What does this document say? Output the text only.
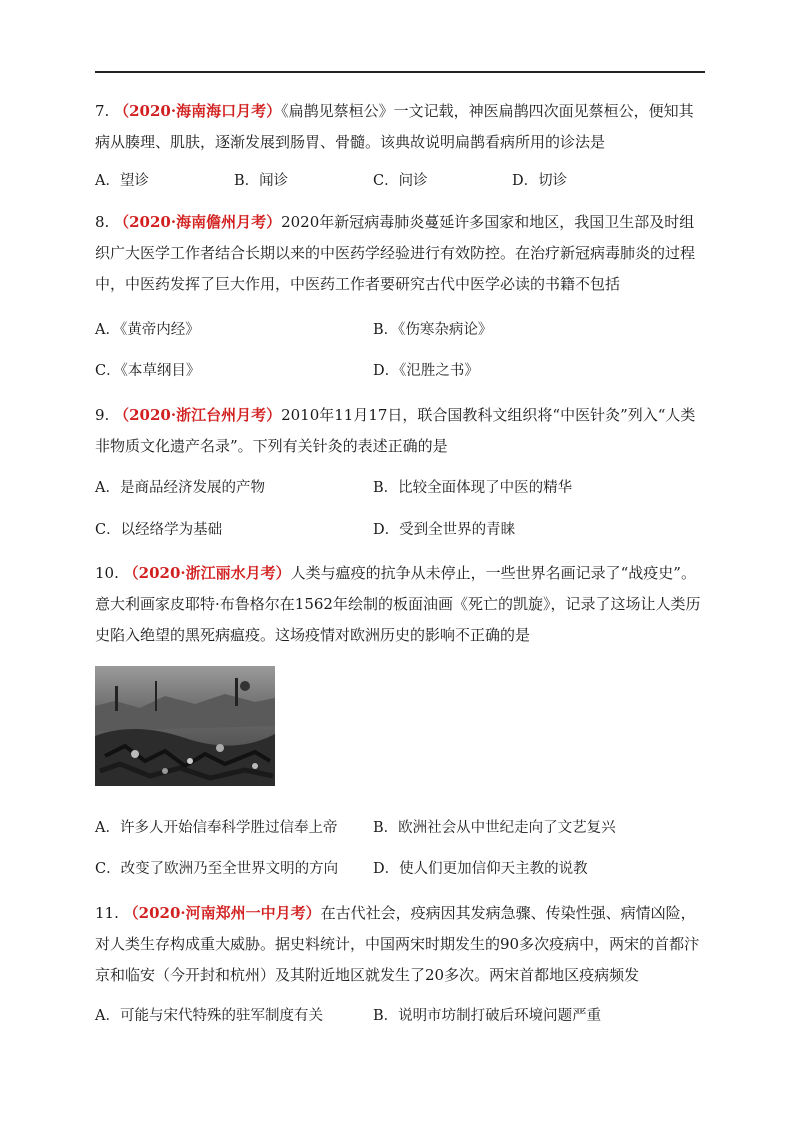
7. （2020·海南海口月考）《扁鹊见蔡桓公》一文记载，神医扁鹊四次面见蔡桓公，便知其病从腠理、肌肤，逐渐发展到肠胃、骨髓。该典故说明扁鹊看病所用的诊法是
A．望诊	B．闻诊	C．问诊	D．切诊
8. （2020·海南儋州月考）2020年新冠病毒肺炎蔓延许多国家和地区，我国卫生部及时组织广大医学工作者结合长期以来的中医药学经验进行有效防控。在治疗新冠病毒肺炎的过程中，中医药发挥了巨大作用，中医药工作者要研究古代中医学必读的书籍不包括
A．《黄帝内经》	B．《伤寒杂病论》
C．《本草纲目》	D．《氾胜之书》
9. （2020·浙江台州月考）2010年11月17日，联合国教科文组织将“中医针灸”列入“人类非物质文化遗产名录”。下列有关针灸的表述正确的是
A．是商品经济发展的产物	B．比较全面体现了中医的精华
C．以经络学为基础	D．受到全世界的青睐
10. （2020·浙江丽水月考）人类与瘟疫的抗争从未停止，一些世界名画记录了“战疫史”。意大利画家皮耶特·布鲁格尔在1562年绘制的板面油画《死亡的凯旋》，记录了这场让人类历史陷入绝望的黑死病瘟疫。这场疫情对欧洲历史的影响不正确的是
A．许多人开始信奉科学胜过信奉上帝 B．欧洲社会从中世纪走向了文艺复兴
C．改变了欧洲乃至全世界文明的方向 D．使人们更加信仰天主教的说教
11. （2020·河南郑州一中月考）在古代社会，疫病因其发病急骤、传染性强、病情凶险，对人类生存构成重大威胁。据史料统计，中国两宋时期发生的90多次疫病中，两宋的首都汴京和临安（今开封和杭州）及其附近地区就发生了20多次。两宋首都地区疫病频发
A．可能与宋代特殊的驻军制度有关	B．说明市坊制打破后环境问题严重
